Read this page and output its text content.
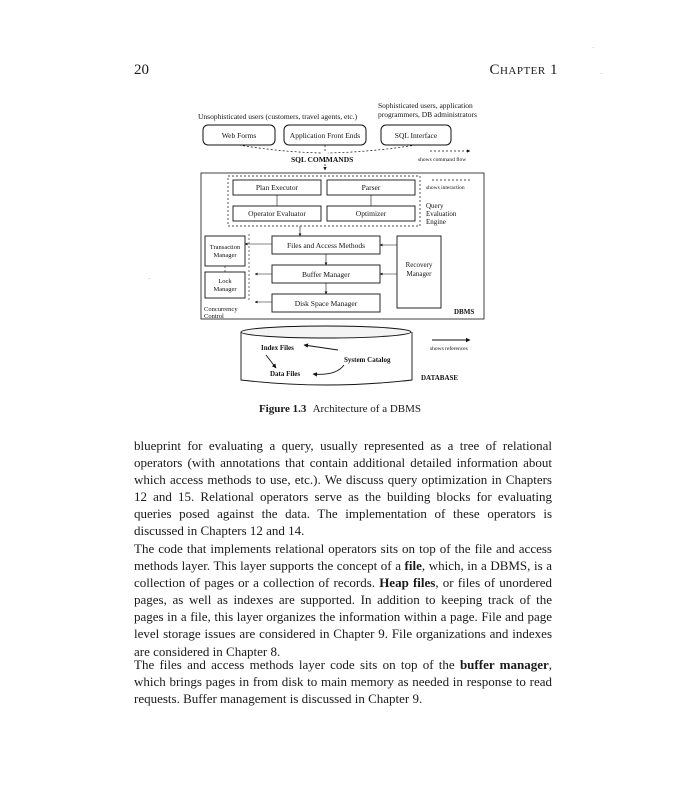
20	Chapter 1
·
·
·
Unsophisticated users (customers, travel agents, etc.)
Sophisticated users, application
programmers, DB administrators
Web Forms	Application Front Ends	SQL Interface
SQL COMMANDS	shows command flow
Plan Executor	Parser
Operator Evaluator	Optimizer
shows interaction
Query
Evaluation
Engine
Files and Access Methods
Buffer Manager
Disk Space Manager
Transaction
Manager
Lock
Manager
Concurrency
Control
Recovery
Manager
DBMS
Index Files
System Catalog
Data Files
shows references
DATABASE
Figure 1.3 Architecture of a DBMS
blueprint for evaluating a query, usually represented as a tree of relational operators (with annotations that contain additional detailed information about which access methods to use, etc.). We discuss query optimization in Chapters 12 and 15. Relational operators serve as the building blocks for evaluating queries posed against the data. The implementation of these operators is discussed in Chapters 12 and 14.
The code that implements relational operators sits on top of the file and access methods layer. This layer supports the concept of a file, which, in a DBMS, is a collection of pages or a collection of records. Heap files, or files of unordered pages, as well as indexes are supported. In addition to keeping track of the pages in a file, this layer organizes the information within a page. File and page level storage issues are considered in Chapter 9. File organizations and indexes are considered in Chapter 8.
The files and access methods layer code sits on top of the buffer manager, which brings pages in from disk to main memory as needed in response to read requests. Buffer management is discussed in Chapter 9.
